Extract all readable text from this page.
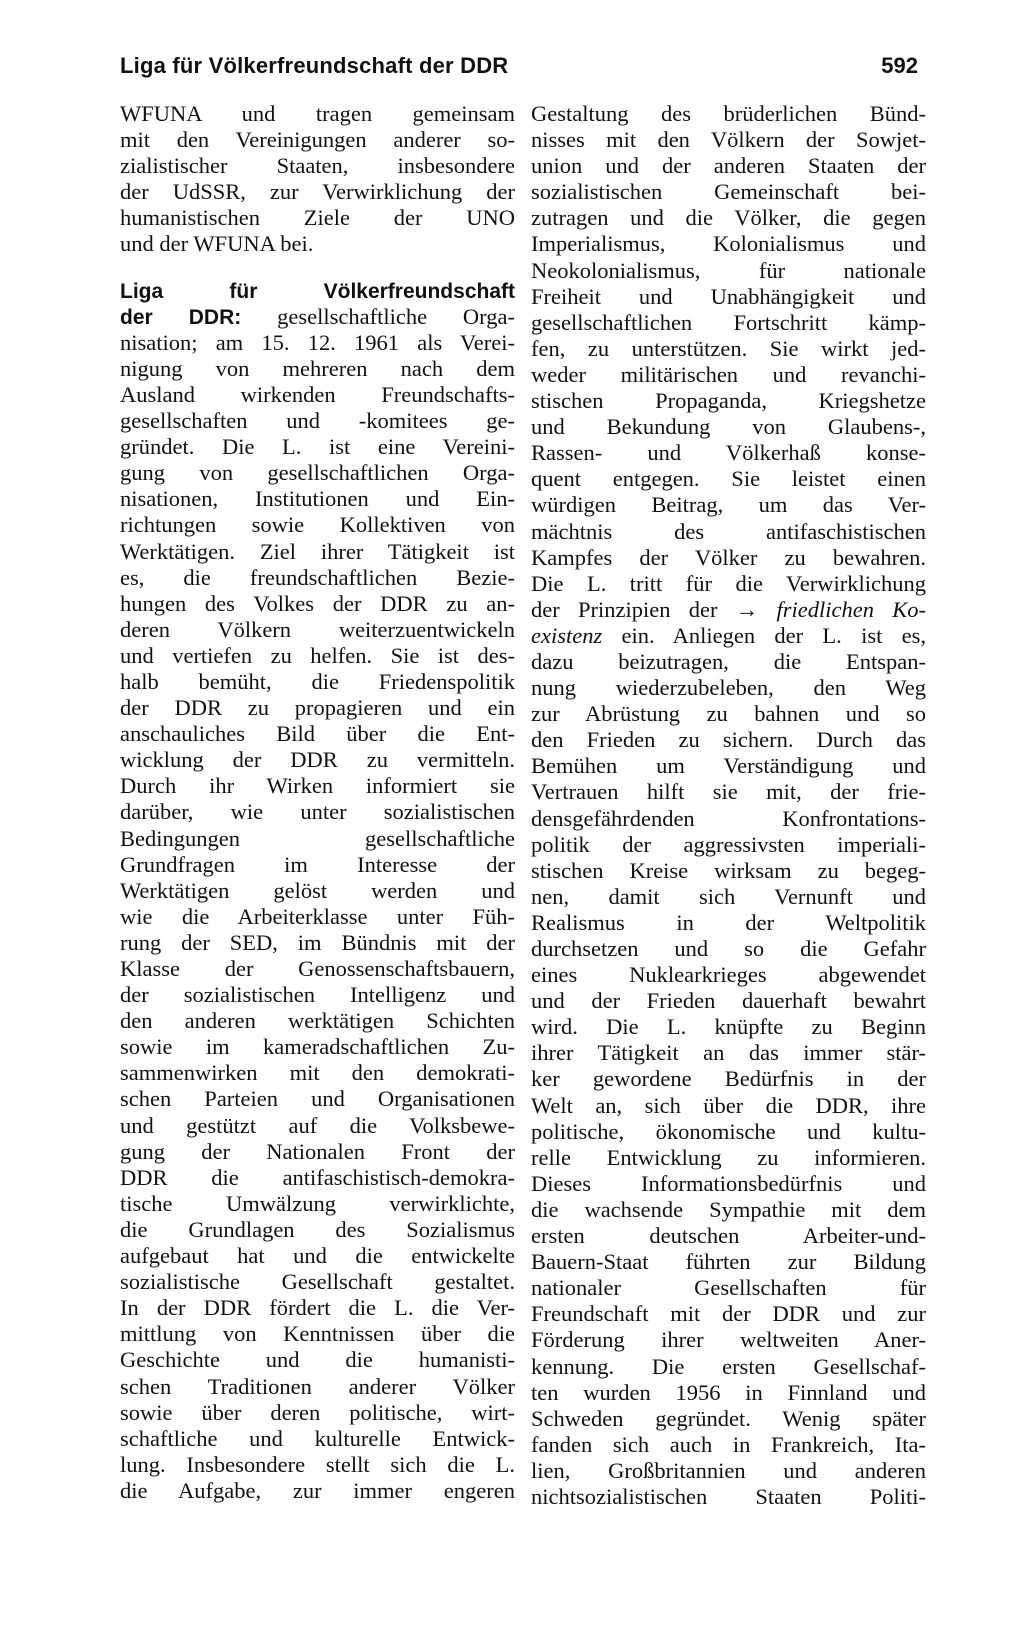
Liga für Völkerfreundschaft der DDR	592
WFUNA und tragen gemeinsam
mit den Vereinigungen anderer so-
zialistischer Staaten, insbesondere
der UdSSR, zur Verwirklichung der
humanistischen Ziele der UNO
und der WFUNA bei.
Liga für Völkerfreundschaft
der DDR: gesellschaftliche Orga-
nisation; am 15. 12. 1961 als Verei-
nigung von mehreren nach dem
Ausland wirkenden Freundschafts-
gesellschaften und -komitees ge-
gründet. Die L. ist eine Vereini-
gung von gesellschaftlichen Orga-
nisationen, Institutionen und Ein-
richtungen sowie Kollektiven von
Werktätigen. Ziel ihrer Tätigkeit ist
es, die freundschaftlichen Bezie-
hungen des Volkes der DDR zu an-
deren Völkern weiterzuentwickeln
und vertiefen zu helfen. Sie ist des-
halb bemüht, die Friedenspolitik
der DDR zu propagieren und ein
anschauliches Bild über die Ent-
wicklung der DDR zu vermitteln.
Durch ihr Wirken informiert sie
darüber, wie unter sozialistischen
Bedingungen gesellschaftliche
Grundfragen im Interesse der
Werktätigen gelöst werden und
wie die Arbeiterklasse unter Füh-
rung der SED, im Bündnis mit der
Klasse der Genossenschaftsbauern,
der sozialistischen Intelligenz und
den anderen werktätigen Schichten
sowie im kameradschaftlichen Zu-
sammenwirken mit den demokrati-
schen Parteien und Organisationen
und gestützt auf die Volksbewe-
gung der Nationalen Front der
DDR die antifaschistisch-demokra-
tische Umwälzung verwirklichte,
die Grundlagen des Sozialismus
aufgebaut hat und die entwickelte
sozialistische Gesellschaft gestaltet.
In der DDR fördert die L. die Ver-
mittlung von Kenntnissen über die
Geschichte und die humanisti-
schen Traditionen anderer Völker
sowie über deren politische, wirt-
schaftliche und kulturelle Entwick-
lung. Insbesondere stellt sich die L.
die Aufgabe, zur immer engeren
Gestaltung des brüderlichen Bünd-
nisses mit den Völkern der Sowjet-
union und der anderen Staaten der
sozialistischen Gemeinschaft bei-
zutragen und die Völker, die gegen
Imperialismus, Kolonialismus und
Neokolonialismus, für nationale
Freiheit und Unabhängigkeit und
gesellschaftlichen Fortschritt kämp-
fen, zu unterstützen. Sie wirkt jed-
weder militärischen und revanchi-
stischen Propaganda, Kriegshetze
und Bekundung von Glaubens-,
Rassen- und Völkerhaß konse-
quent entgegen. Sie leistet einen
würdigen Beitrag, um das Ver-
mächtnis des antifaschistischen
Kampfes der Völker zu bewahren.
Die L. tritt für die Verwirklichung
der Prinzipien der → friedlichen Ko-
existenz ein. Anliegen der L. ist es,
dazu beizutragen, die Entspan-
nung wiederzubeleben, den Weg
zur Abrüstung zu bahnen und so
den Frieden zu sichern. Durch das
Bemühen um Verständigung und
Vertrauen hilft sie mit, der frie-
densgefährdenden Konfrontations-
politik der aggressivsten imperiali-
stischen Kreise wirksam zu begeg-
nen, damit sich Vernunft und
Realismus in der Weltpolitik
durchsetzen und so die Gefahr
eines Nuklearkrieges abgewendet
und der Frieden dauerhaft bewahrt
wird. Die L. knüpfte zu Beginn
ihrer Tätigkeit an das immer stär-
ker gewordene Bedürfnis in der
Welt an, sich über die DDR, ihre
politische, ökonomische und kultu-
relle Entwicklung zu informieren.
Dieses Informationsbedürfnis und
die wachsende Sympathie mit dem
ersten deutschen Arbeiter-und-
Bauern-Staat führten zur Bildung
nationaler Gesellschaften für
Freundschaft mit der DDR und zur
Förderung ihrer weltweiten Aner-
kennung. Die ersten Gesellschaf-
ten wurden 1956 in Finnland und
Schweden gegründet. Wenig später
fanden sich auch in Frankreich, Ita-
lien, Großbritannien und anderen
nichtsozialistischen Staaten Politi-
